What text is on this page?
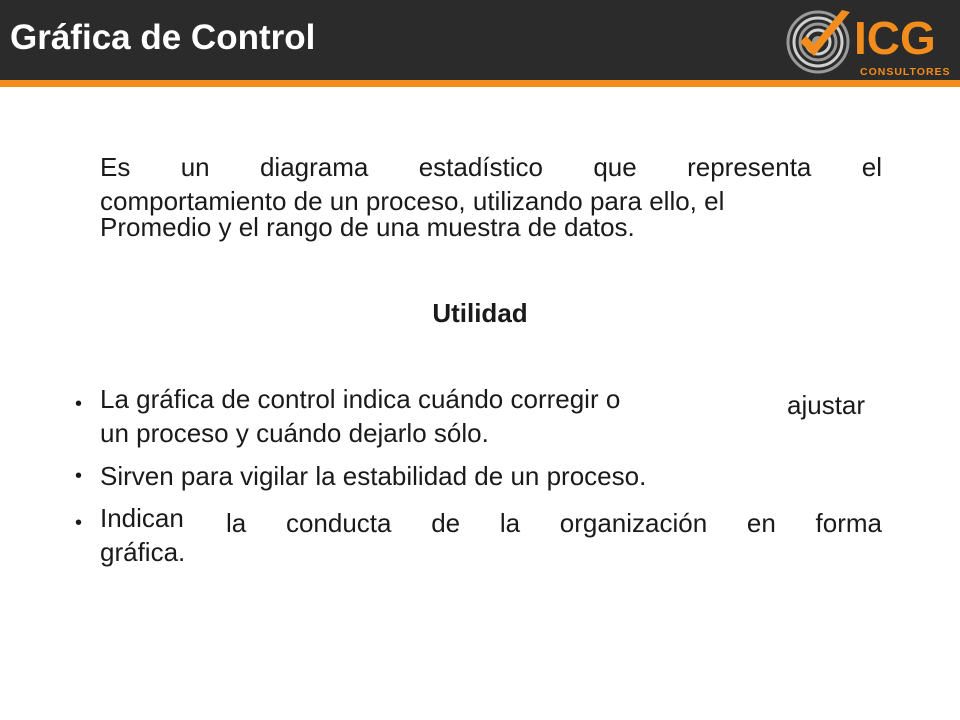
Gráfica de Control	ICG
CONSULTORES
Es un diagrama estadístico que representa el
comportamiento de un proceso, utilizando para ello, el
Promedio y el rango de una muestra de datos.
Utilidad
• La gráfica de control indica cuándo corregir o	ajustar
un proceso y cuándo dejarlo sólo.
• Sirven para vigilar la estabilidad de un proceso.
• Indican la conducta de la organización en forma
gráfica.
